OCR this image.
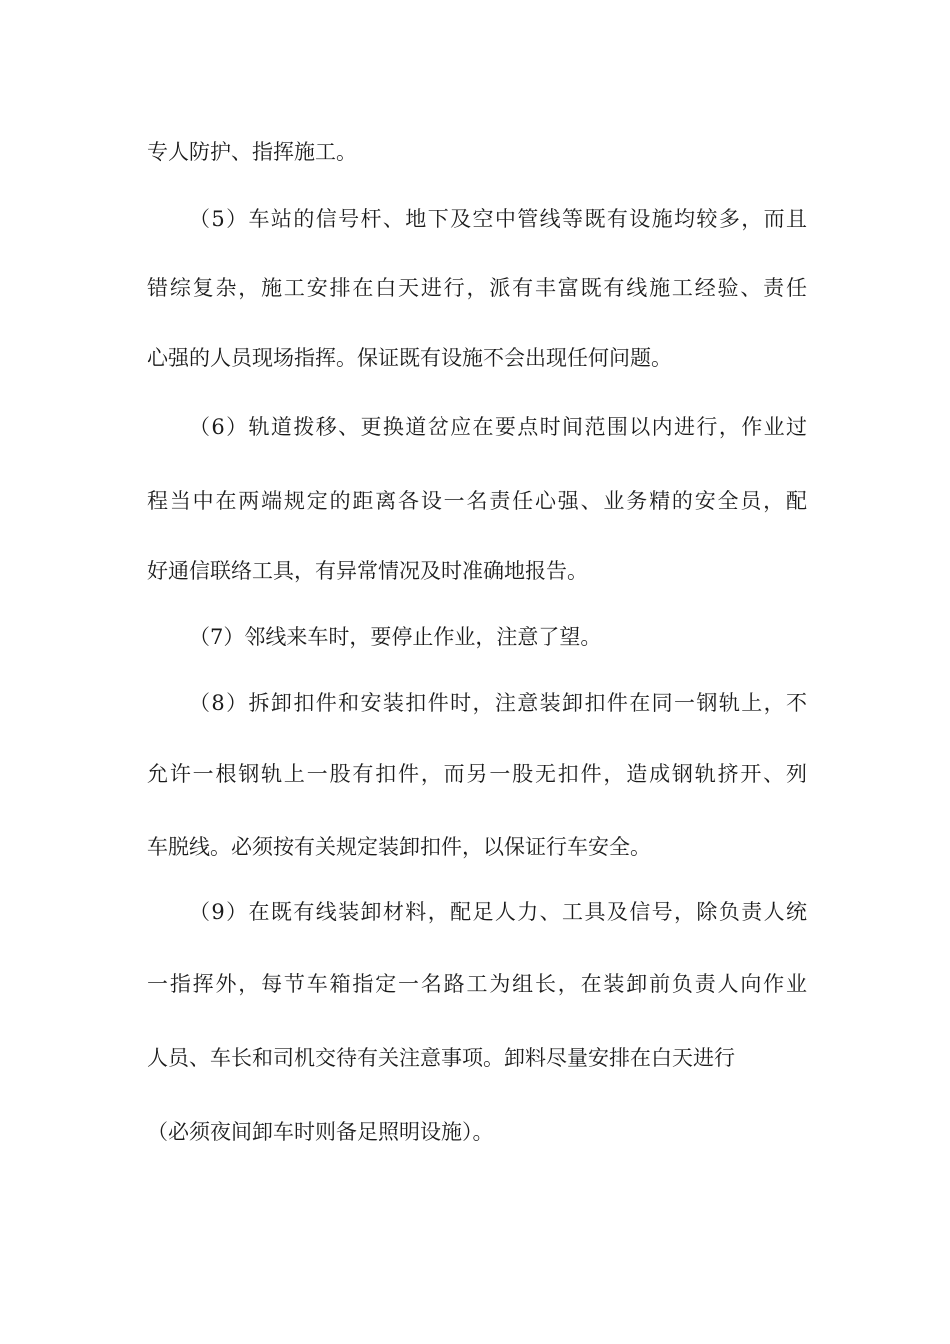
专人防护、指挥施工。
（5）车站的信号杆、地下及空中管线等既有设施均较多，而且
错综复杂，施工安排在白天进行，派有丰富既有线施工经验、责任
心强的人员现场指挥。保证既有设施不会出现任何问题。
（6）轨道拨移、更换道岔应在要点时间范围以内进行，作业过
程当中在两端规定的距离各设一名责任心强、业务精的安全员，配
好通信联络工具，有异常情况及时准确地报告。
（7）邻线来车时，要停止作业，注意了望。
（8）拆卸扣件和安装扣件时，注意装卸扣件在同一钢轨上，不
允许一根钢轨上一股有扣件，而另一股无扣件，造成钢轨挤开、列
车脱线。必须按有关规定装卸扣件，以保证行车安全。
（9）在既有线装卸材料，配足人力、工具及信号，除负责人统
一指挥外，每节车箱指定一名路工为组长，在装卸前负责人向作业
人员、车长和司机交待有关注意事项。卸料尽量安排在白天进行
（必须夜间卸车时则备足照明设施）。
